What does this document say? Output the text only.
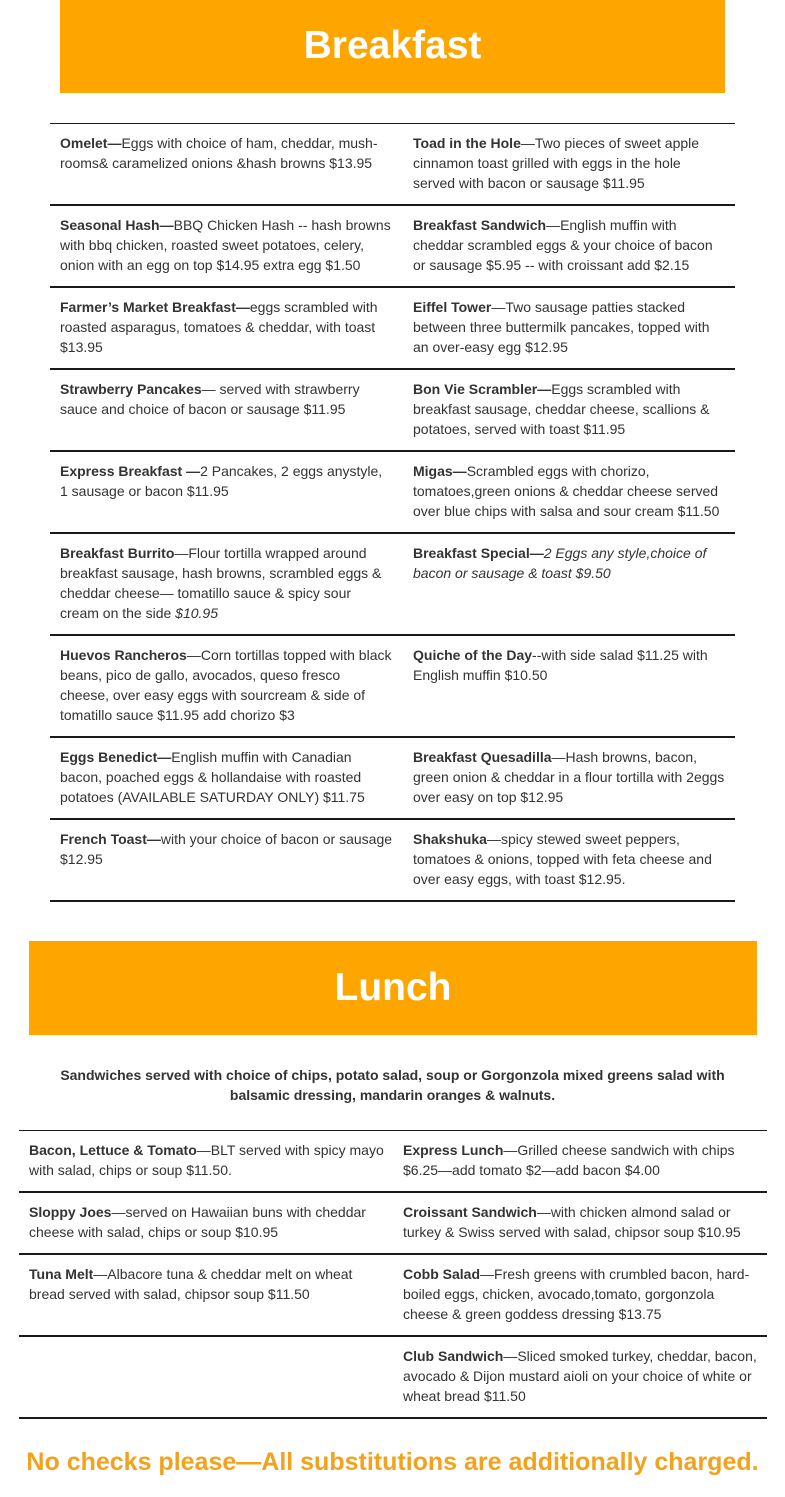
Breakfast
Omelet—Eggs with choice of ham, cheddar, mush-rooms& caramelized onions &hash browns $13.95	Toad in the Hole—Two pieces of sweet apple cinnamon toast grilled with eggs in the hole served with bacon or sausage $11.95
Seasonal Hash—BBQ Chicken Hash -- hash browns with bbq chicken, roasted sweet potatoes, celery, onion with an egg on top $14.95 extra egg $1.50	Breakfast Sandwich—English muffin with cheddar scrambled eggs & your choice of bacon or sausage $5.95 -- with croissant add $2.15
Farmer’s Market Breakfast—eggs scrambled with roasted asparagus, tomatoes & cheddar, with toast $13.95	Eiffel Tower—Two sausage patties stacked between three buttermilk pancakes, topped with an over-easy egg $12.95
Strawberry Pancakes— served with strawberry sauce and choice of bacon or sausage $11.95	Bon Vie Scrambler—Eggs scrambled with breakfast sausage, cheddar cheese, scallions & potatoes, served with toast $11.95
Express Breakfast —2 Pancakes, 2 eggs anystyle, 1 sausage or bacon $11.95	Migas—Scrambled eggs with chorizo, tomatoes,green onions & cheddar cheese served over blue chips with salsa and sour cream $11.50
Breakfast Burrito—Flour tortilla wrapped around breakfast sausage, hash browns, scrambled eggs & cheddar cheese— tomatillo sauce & spicy sour cream on the side $10.95	Breakfast Special—2 Eggs any style,choice of bacon or sausage & toast $9.50
Huevos Rancheros—Corn tortillas topped with black beans, pico de gallo, avocados, queso fresco cheese, over easy eggs with sourcream & side of tomatillo sauce $11.95 add chorizo $3	Quiche of the Day--with side salad $11.25 with English muffin $10.50
Eggs Benedict—English muffin with Canadian bacon, poached eggs & hollandaise with roasted potatoes (AVAILABLE SATURDAY ONLY) $11.75	Breakfast Quesadilla—Hash browns, bacon, green onion & cheddar in a flour tortilla with 2eggs over easy on top $12.95
French Toast—with your choice of bacon or sausage $12.95	Shakshuka—spicy stewed sweet peppers, tomatoes & onions, topped with feta cheese and over easy eggs, with toast $12.95.
Lunch
Sandwiches served with choice of chips, potato salad, soup or Gorgonzola mixed greens salad with balsamic dressing, mandarin oranges & walnuts.
Bacon, Lettuce & Tomato—BLT served with spicy mayo with salad, chips or soup $11.50.	Express Lunch—Grilled cheese sandwich with chips $6.25—add tomato $2—add bacon $4.00
Sloppy Joes—served on Hawaiian buns with cheddar cheese with salad, chips or soup $10.95	Croissant Sandwich—with chicken almond salad or turkey & Swiss served with salad, chipsor soup $10.95
Tuna Melt—Albacore tuna & cheddar melt on wheat bread served with salad, chipsor soup $11.50	Cobb Salad—Fresh greens with crumbled bacon, hard-boiled eggs, chicken, avocado,tomato, gorgonzola cheese & green goddess dressing $13.75
	Club Sandwich—Sliced smoked turkey, cheddar, bacon, avocado & Dijon mustard aioli on your choice of white or wheat bread $11.50
No checks please—All substitutions are additionally charged.
